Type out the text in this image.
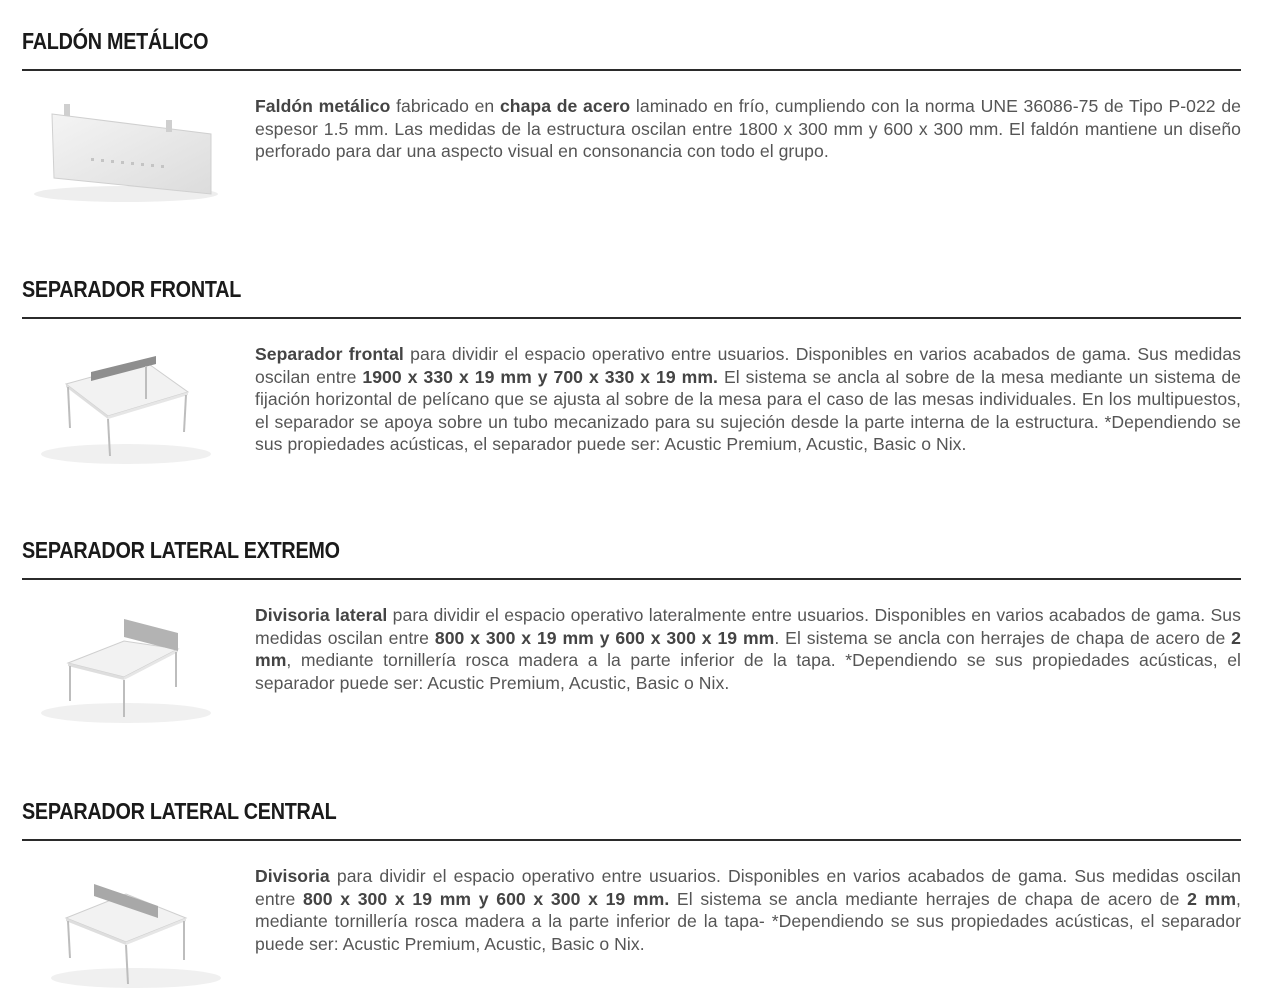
FALDÓN METÁLICO
Faldón metálico fabricado en chapa de acero laminado en frío, cumpliendo con la norma UNE 36086-75 de Tipo P-022 de espesor 1.5 mm. Las medidas de la estructura oscilan entre 1800 x 300 mm y 600 x 300 mm. El faldón mantiene un diseño perforado para dar una aspecto visual en consonancia con todo el grupo.
SEPARADOR FRONTAL
Separador frontal para dividir el espacio operativo entre usuarios. Disponibles en varios acabados de gama. Sus medidas oscilan entre 1900 x 330 x 19 mm y 700 x 330 x 19 mm. El sistema se ancla al sobre de la mesa mediante un sistema de fijación horizontal de pelícano que se ajusta al sobre de la mesa para el caso de las mesas individuales. En los multipuestos, el separador se apoya sobre un tubo mecanizado para su sujeción desde la parte interna de la estructura. *Dependiendo se sus propiedades acústicas, el separador puede ser: Acustic Premium, Acustic, Basic o Nix.
SEPARADOR LATERAL EXTREMO
Divisoria lateral para dividir el espacio operativo lateralmente entre usuarios. Disponibles en varios acabados de gama. Sus medidas oscilan entre 800 x 300 x 19 mm y 600 x 300 x 19 mm. El sistema se ancla con herrajes de chapa de acero de 2 mm, mediante tornillería rosca madera a la parte inferior de la tapa. *Dependiendo se sus propiedades acústicas, el separador puede ser: Acustic Premium, Acustic, Basic o Nix.
SEPARADOR LATERAL CENTRAL
Divisoria para dividir el espacio operativo entre usuarios. Disponibles en varios acabados de gama. Sus medidas oscilan entre 800 x 300 x 19 mm y 600 x 300 x 19 mm. El sistema se ancla mediante herrajes de chapa de acero de 2 mm, mediante tornillería rosca madera a la parte inferior de la tapa- *Dependiendo se sus propiedades acústicas, el separador puede ser: Acustic Premium, Acustic, Basic o Nix.
